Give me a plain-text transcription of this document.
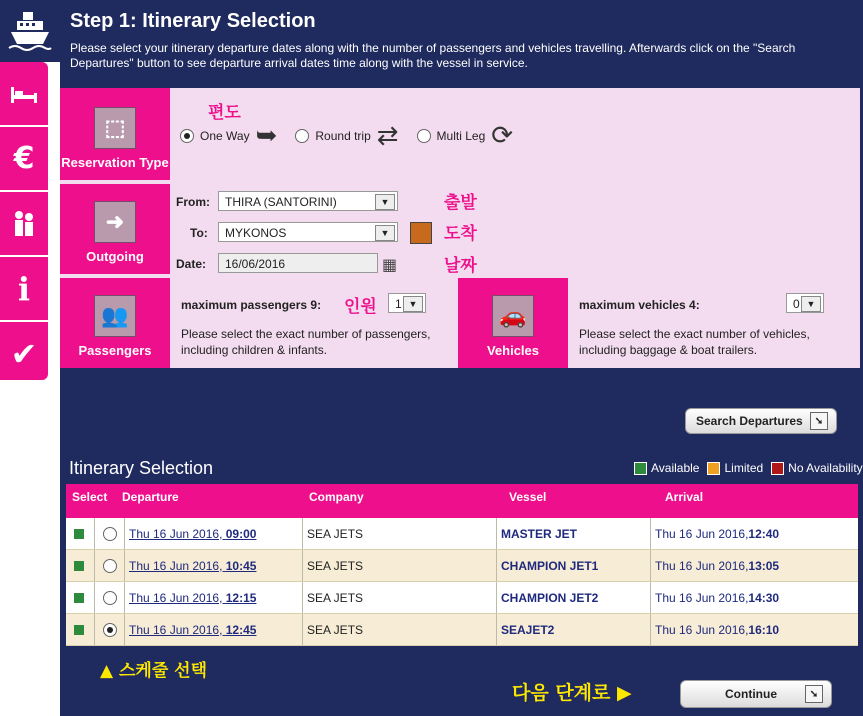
€
i
✔
Step 1: Itinerary Selection

Please select your itinerary departure dates along with the number of passengers and vehicles travelling. Afterwards click on the "Search Departures" button to see departure arrival dates time along with the vessel in service.

⬚
Reservation Type
편도
One Way ➥	Round trip ⇄	Multi Leg ⟳
➜
Outgoing
From:	THIRA (SANTORINI)	▼	출발
To:	MYKONOS	▼	도착
Date:	16/06/2016	▦	날짜
👥
Passengers
maximum passengers 9: 인원	1 ▼
Please select the exact number of passengers,
including children & infants.
🚗
Vehicles
maximum vehicles 4:	0 ▼
Please select the exact number of vehicles,
including baggage & boat trailers.
Search Departures	➘
Itinerary Selection	Available Limited No Availability
Select Departure	Company	Vessel	Arrival
Thu 16 Jun 2016, 09:00	SEA JETS	MASTER JET	Thu 16 Jun 2016, 12:40
Thu 16 Jun 2016, 10:45	SEA JETS	CHAMPION JET1	Thu 16 Jun 2016, 13:05
Thu 16 Jun 2016, 12:15	SEA JETS	CHAMPION JET2	Thu 16 Jun 2016, 14:30
Thu 16 Jun 2016, 12:45	SEA JETS	SEAJET2	Thu 16 Jun 2016, 16:10
▲ 스케줄 선택
다음 단계로 ▶	Continue	➘
